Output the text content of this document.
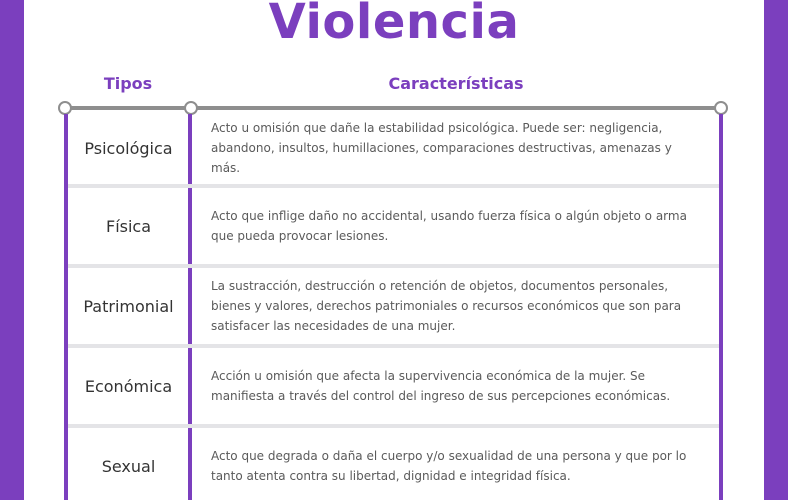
Violencia
Tipos	Características
Psicológica
Acto u omisión que dañe la estabilidad psicológica. Puede ser: negligencia, abandono, insultos, humillaciones, comparaciones destructivas, amenazas y más.
Física
Acto que inflige daño no accidental, usando fuerza física o algún objeto o arma que pueda provocar lesiones.
Patrimonial
La sustracción, destrucción o retención de objetos, documentos personales, bienes y valores, derechos patrimoniales o recursos económicos que son para satisfacer las necesidades de una mujer.
Económica
Acción u omisión que afecta la supervivencia económica de la mujer. Se manifiesta a través del control del ingreso de sus percepciones económicas.
Sexual
Acto que degrada o daña el cuerpo y/o sexualidad de una persona y que por lo tanto atenta contra su libertad, dignidad e integridad física.
